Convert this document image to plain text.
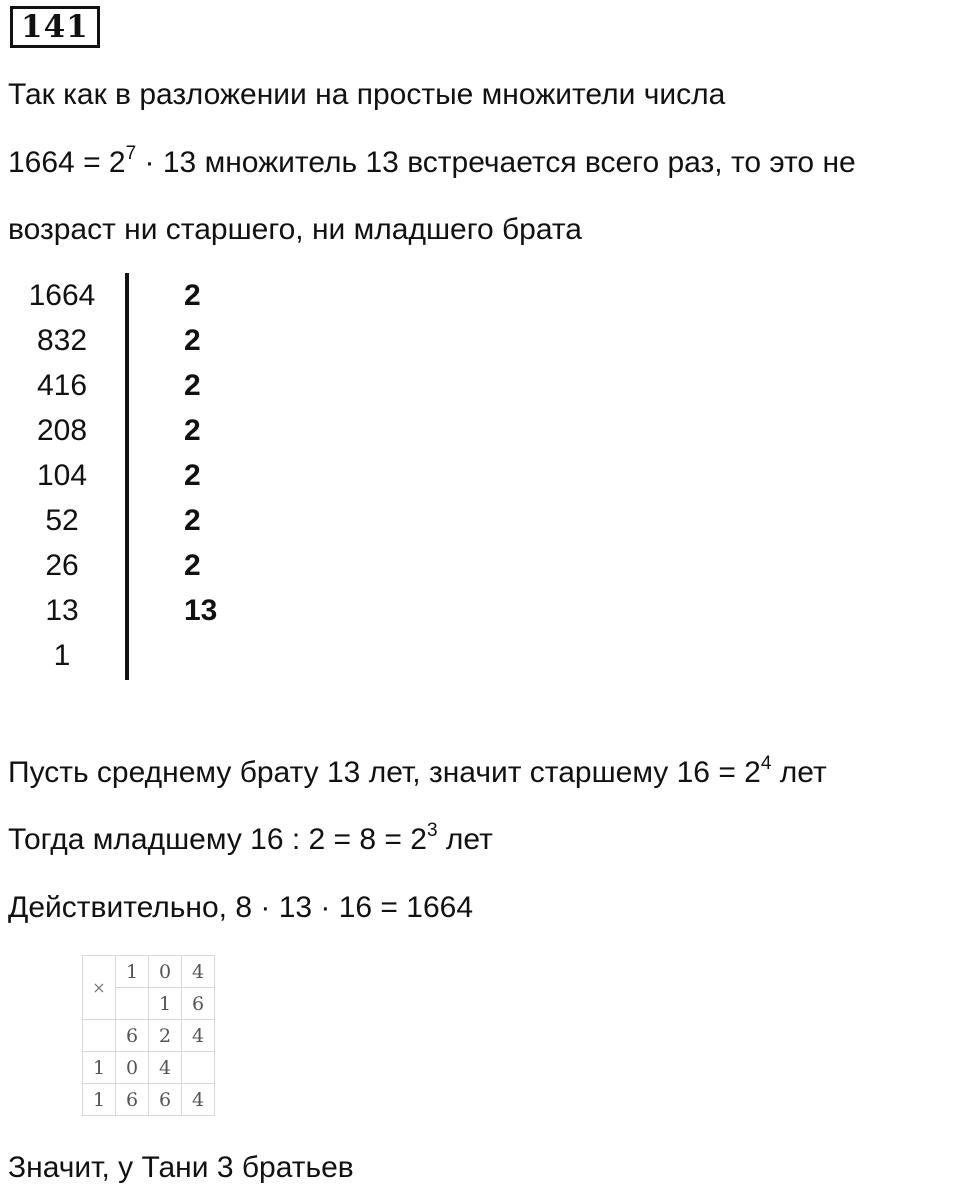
141
Так как в разложении на простые множители числа
$1664 = 2^7 \cdot 13$ множитель 13 встречается всего раз, то это не
возраст ни старшего, ни младшего брата
1664	2
832	2
416	2
208	2
104	2
52	2
26	2
13	13
1
Пусть среднему брату 13 лет, значит старшему $16 = 2^4$ лет
Тогда младшему 16 : $2 = 8 = 2^3$ лет
Действительно, 8 · 13 · 16 = 1664
×	1	0	4
		1	6
	6	2	4
1	0	4	
1	6	6	4
Значит, у Тани 3 братьев
